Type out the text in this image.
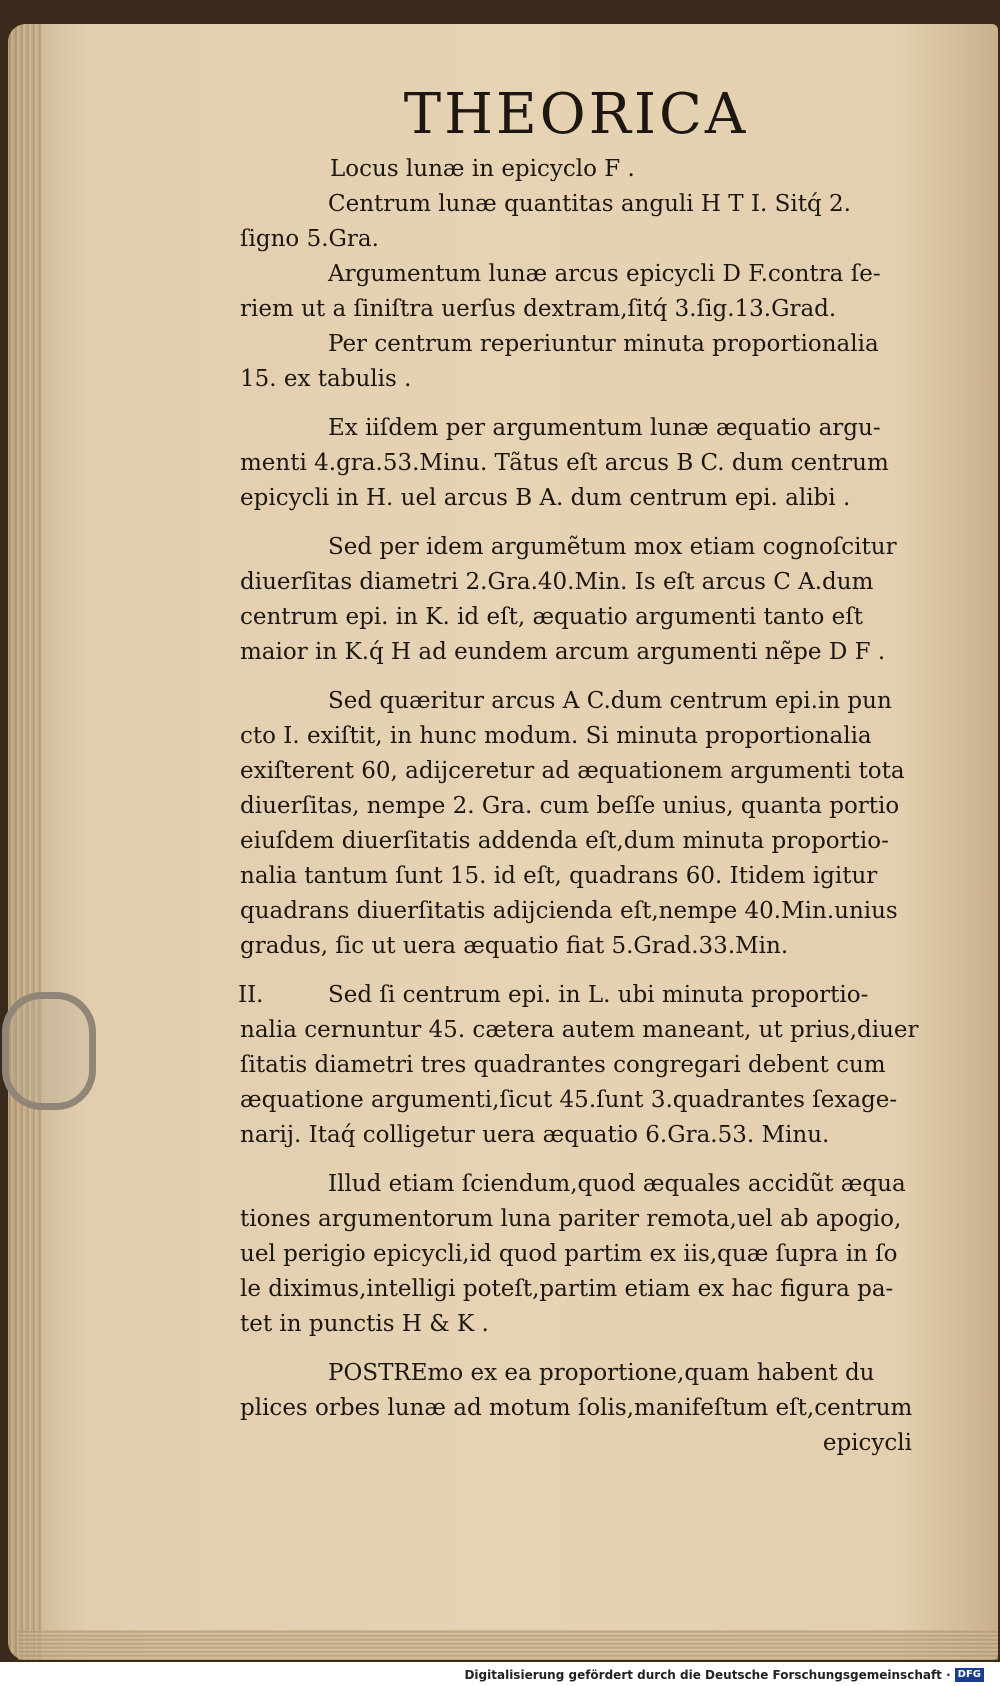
THEORICA
Locus lunæ in epicyclo F .
Centrum lunæ quantitas anguli H T I. Sitq́ 2.
ſigno 5.Gra.
Argumentum lunæ arcus epicycli D F.contra ſe-
riem ut a ſiniſtra uerſus dextram,ſitq́ 3.ſig.13.Grad.
Per centrum reperiuntur minuta proportionalia
15. ex tabulis .
Ex iiſdem per argumentum lunæ æquatio argu-
menti 4.gra.53.Minu. Tãtus eſt arcus B C. dum centrum
epicycli in H. uel arcus B A. dum centrum epi. alibi .
Sed per idem argumẽtum mox etiam cognoſcitur
diuerſitas diametri 2.Gra.40.Min. Is eſt arcus C A.dum
centrum epi. in K. id eſt, æquatio argumenti tanto eſt
maior in K.q́ H ad eundem arcum argumenti nẽpe D F .
Sed quæritur arcus A C.dum centrum epi.in pun
cto I. exiſtit, in hunc modum. Si minuta proportionalia
exiſterent 60, adijceretur ad æquationem argumenti tota
diuerſitas, nempe 2. Gra. cum beſſe unius, quanta portio
eiuſdem diuerſitatis addenda eſt,dum minuta proportio-
nalia tantum ſunt 15. id eſt, quadrans 60. Itidem igitur
quadrans diuerſitatis adijcienda eſt,nempe 40.Min.unius
gradus, ſic ut uera æquatio fiat 5.Grad.33.Min.
II.	Sed ſi centrum epi. in L. ubi minuta proportio-
nalia cernuntur 45. cætera autem maneant, ut prius,diuer
ſitatis diametri tres quadrantes congregari debent cum
æquatione argumenti,ſicut 45.ſunt 3.quadrantes ſexage-
narij. Itaq́ colligetur uera æquatio 6.Gra.53. Minu.
Illud etiam ſciendum,quod æquales accidũt æqua
tiones argumentorum luna pariter remota,uel ab apogio,
uel perigio epicycli,id quod partim ex iis,quæ ſupra in ſo
le diximus,intelligi poteſt,partim etiam ex hac figura pa-
tet in punctis H & K .
POSTREmo ex ea proportione,quam habent du
plices orbes lunæ ad motum ſolis,manifeſtum eſt,centrum
epicycli
Digitalisierung gefördert durch die Deutsche Forschungsgemeinschaft · DFG
